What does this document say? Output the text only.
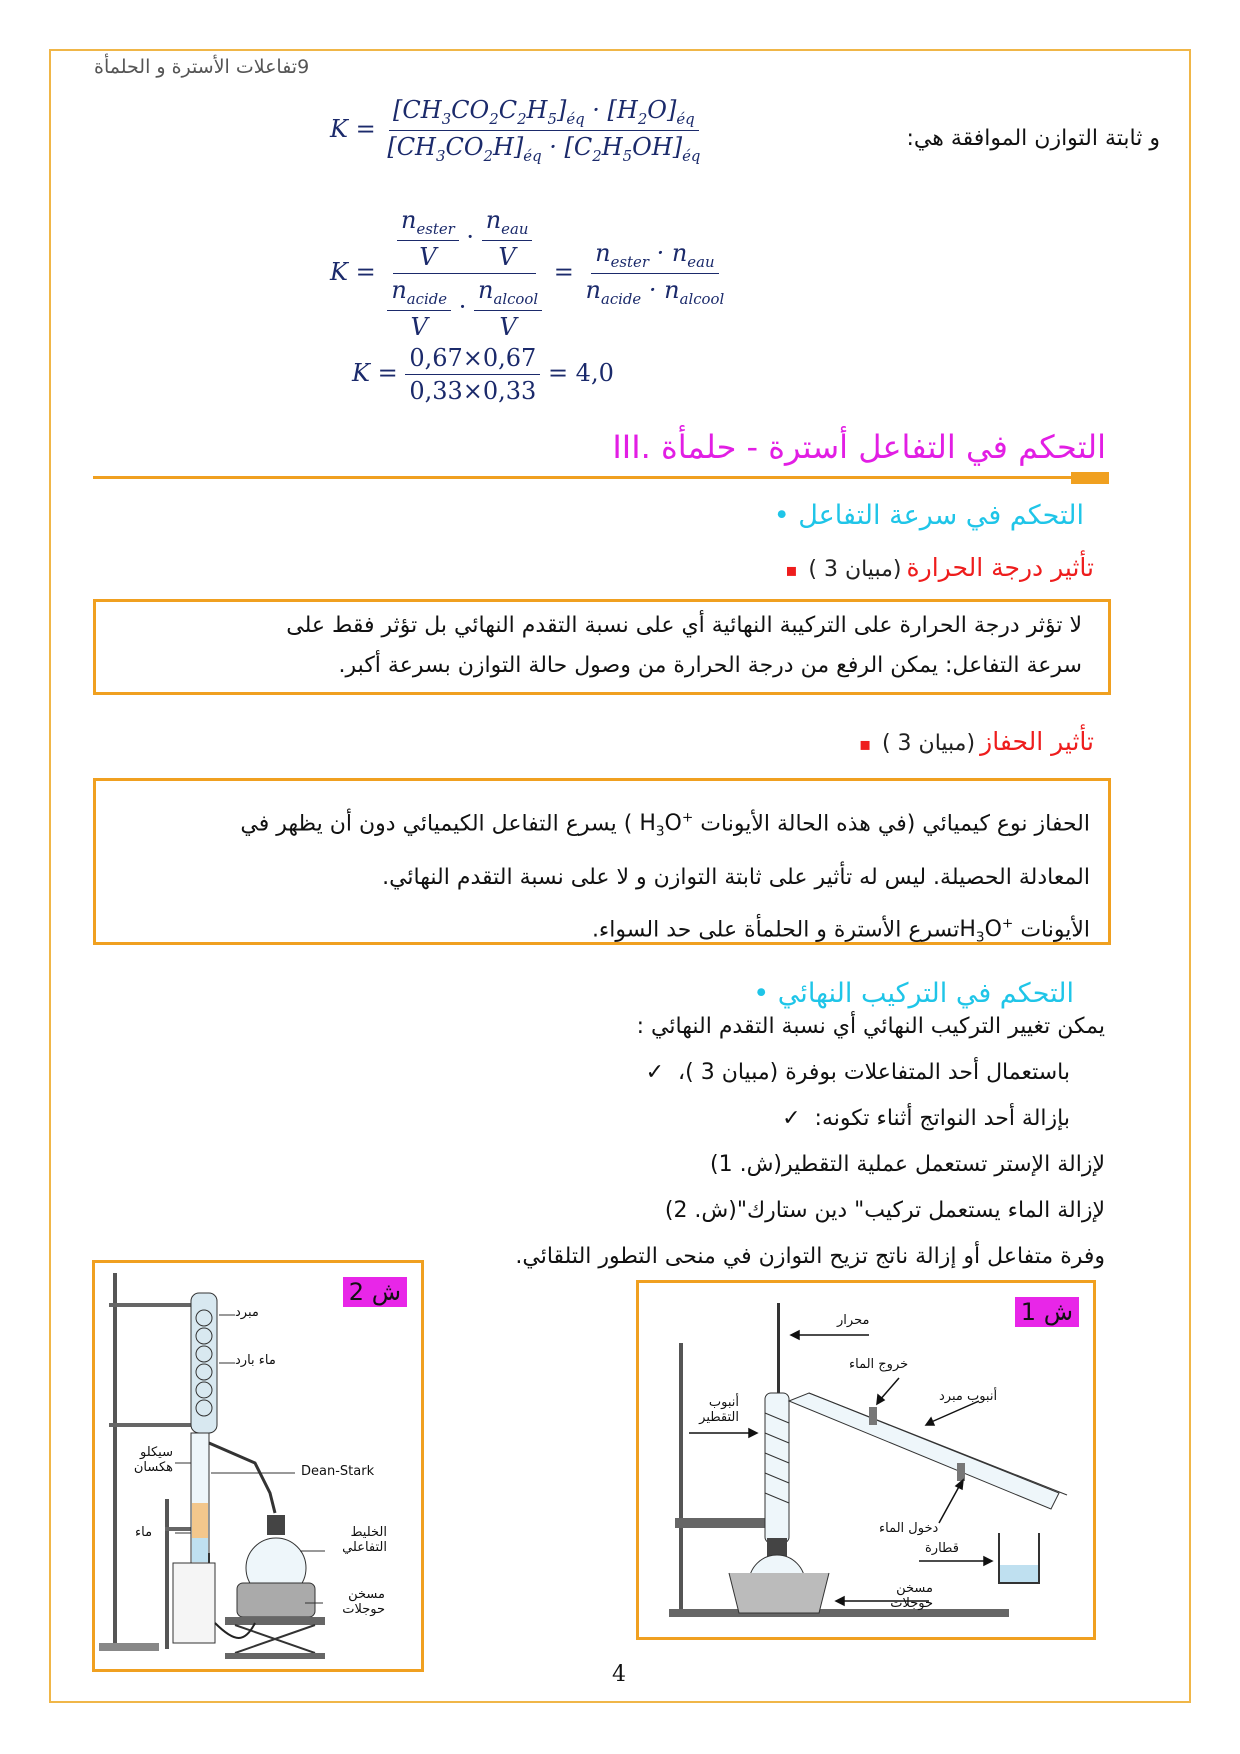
9تفاعلات الأسترة و الحلمأة
و ثابتة التوازن الموافقة هي:
$K = \frac{[CH_3CO_2C_2H_5]_{éq} \cdot [H_2O]_{éq}}{[CH_3CO_2H]_{éq} \cdot [C_2H_5OH]_{éq}}$
$K = \frac{\frac{n_{ester}}{V} \cdot \frac{n_{eau}}{V}}{\frac{n_{acide}}{V} \cdot \frac{n_{alcool}}{V}} = \frac{n_{ester} \cdot n_{eau}}{n_{acide} \cdot n_{alcool}}$
$K = \frac{0,67\times 0,67}{0,33\times 0,33} = 4,0$
التحكم في التفاعل أسترة - حلمأة III.
التحكم في سرعة التفاعل •
تأثير درجة الحرارة (مبيان 3 )  ▪
لا تؤثر درجة الحرارة على التركيبة النهائية أي على نسبة التقدم النهائي بل تؤثر فقط على
سرعة التفاعل: يمكن الرفع من درجة الحرارة من وصول حالة التوازن بسرعة أكبر.
تأثير الحفاز (مبيان 3 )  ▪
الحفاز نوع كيميائي (في هذه الحالة الأيونات $H_3O^+$ ) يسرع التفاعل الكيميائي دون أن يظهر في
المعادلة الحصيلة. ليس له تأثير على ثابتة التوازن و لا على نسبة التقدم النهائي.
الأيونات $H_3O^+تسرع$ الأسترة و الحلمأة على حد السواء.
التحكم في التركيب النهائي •
يمكن تغيير التركيب النهائي أي نسبة التقدم النهائي :
باستعمال أحد المتفاعلات بوفرة (مبيان 3 )،  ✓
بإزالة أحد النواتج أثناء تكونه:  ✓
لإزالة الإستر تستعمل عملية التقطير(ش. 1)
لإزالة الماء يستعمل تركيب" دين ستارك"(ش. 2)
وفرة متفاعل أو إزالة ناتج تزيح التوازن في منحى التطور التلقائي.
ش 2
مبرد
ماء بارد
سيكلو هكسان	Dean-Stark
ماء	الخليط التفاعلي
مسخن حوجلات
ش 1
محرار
خروج الماء
أنبوب مبرد
أنبوب التقطير
دخول الماء
قطارة
مسخن حوجلات
4
